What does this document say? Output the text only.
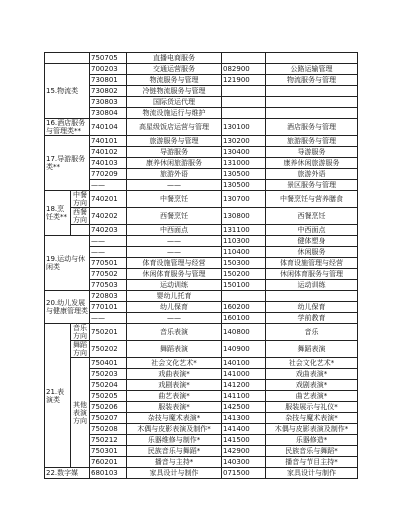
		750705	直播电商服务		
15.物流类		700203	交通运营服务	082900	公路运输管理
		730801	物流服务与管理	121900	物流服务与管理
		730802	冷链物流服务与管理		
		730803	国际货运代理		
		730804	物流设施运行与维护		
16.酒店服务与管理类**		740104	高星级饭店运营与管理	130100	酒店服务与管理
17.导游服务类**		740101	旅游服务与管理	130200	旅游服务与管理
		740102	导游服务	130400	导游服务
		740103	康养休闲旅游服务	131000	康养休闲旅游服务
		770209	旅游外语	130500	旅游外语
		——	——	130500	景区服务与管理
18.烹饪类**	中餐方向	740201	中餐烹饪	130700	中餐烹饪与营养膳食
	西餐方向	740202	西餐烹饪	130800	西餐烹饪
		740203	中西面点	131100	中西面点
19.运动与休闲类		——	——	110300	健体塑身
		——	——	110400	休闲服务
		770501	体育设施管理与经营	150300	体育设施管理与经营
		770502	休闲体育服务与管理	150200	休闲体育服务与管理
		770503	运动训练	150100	运动训练
20.幼儿发展与健康管理类		720803	婴幼儿托育		
		770101	幼儿保育	160200	幼儿保育
		——	——	160100	学前教育
21.表演类	音乐方向	750201	音乐表演	140800	音乐
	舞蹈方向	750202	舞蹈表演	140900	舞蹈表演
	其他表演方向	750401	社会文化艺术*	140100	社会文化艺术*
		750203	戏曲表演*	141000	戏曲表演*
		750204	戏剧表演*	141200	戏剧表演*
		750205	曲艺表演*	141100	曲艺表演*
		750206	服装表演*	142500	服装展示与礼仪*
		750207	杂技与魔术表演*	141300	杂技与魔术表演*
		750208	木偶与皮影表演及制作*	141400	木偶与皮影表演及制作*
		750212	乐器维修与制作*	141500	乐器修造*
		750301	民族音乐与舞蹈*	142900	民族音乐与舞蹈*
		760201	播音与主持*	140300	播音与节目主持*
22.数字媒		680103	家具设计与制作	071500	家具设计与制作
